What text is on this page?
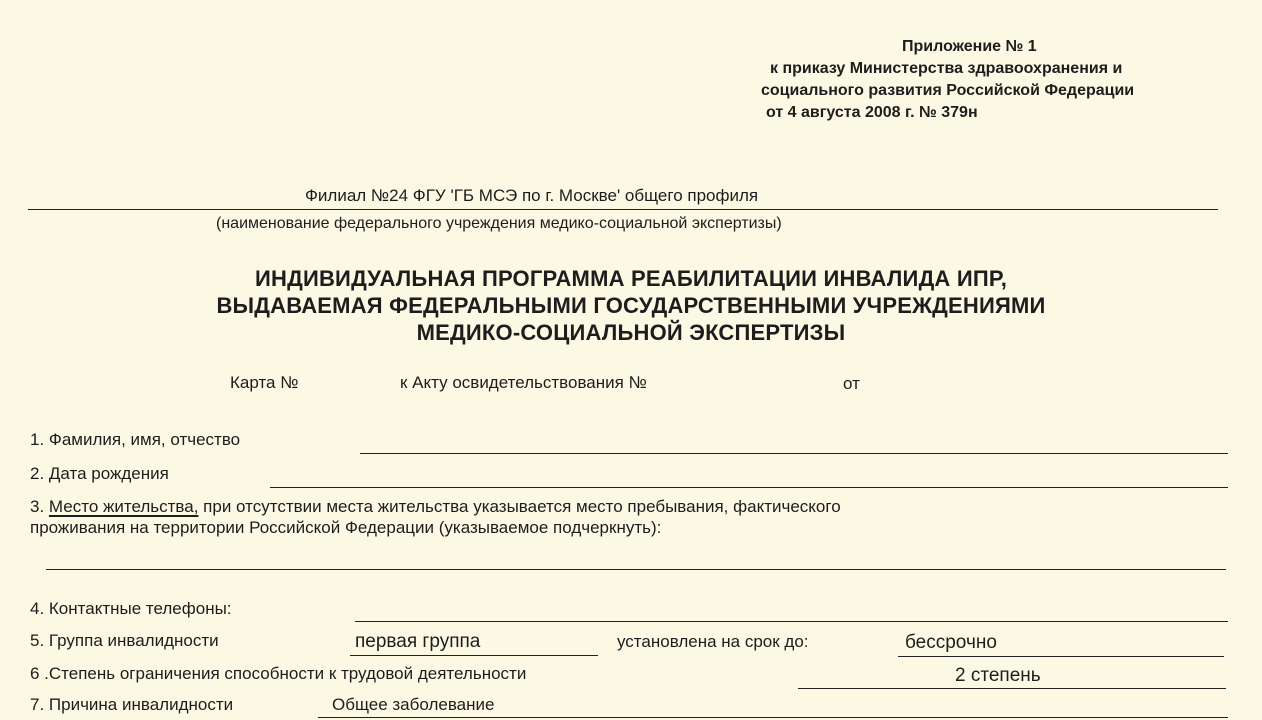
Приложение № 1
к приказу Министерства здравоохранения и
социального развития Российской Федерации
от 4 августа 2008 г. № 379н
Филиал №24 ФГУ 'ГБ МСЭ по г. Москве' общего профиля
(наименование федерального учреждения медико-социальной экспертизы)
ИНДИВИДУАЛЬНАЯ ПРОГРАММА РЕАБИЛИТАЦИИ ИНВАЛИДА ИПР,
ВЫДАВАЕМАЯ ФЕДЕРАЛЬНЫМИ ГОСУДАРСТВЕННЫМИ УЧРЕЖДЕНИЯМИ
МЕДИКО-СОЦИАЛЬНОЙ ЭКСПЕРТИЗЫ
Карта №	к Акту освидетельствования №	от
1. Фамилия, имя, отчество
2. Дата рождения
3. Место жительства, при отсутствии места жительства указывается место пребывания, фактического
проживания на территории Российской Федерации (указываемое подчеркнуть):
4. Контактные телефоны:
5. Группа инвалидности	первая группа	установлена на срок до:	бессрочно
6 .Степень ограничения способности к трудовой деятельности	2 степень
7. Причина инвалидности	Общее заболевание
